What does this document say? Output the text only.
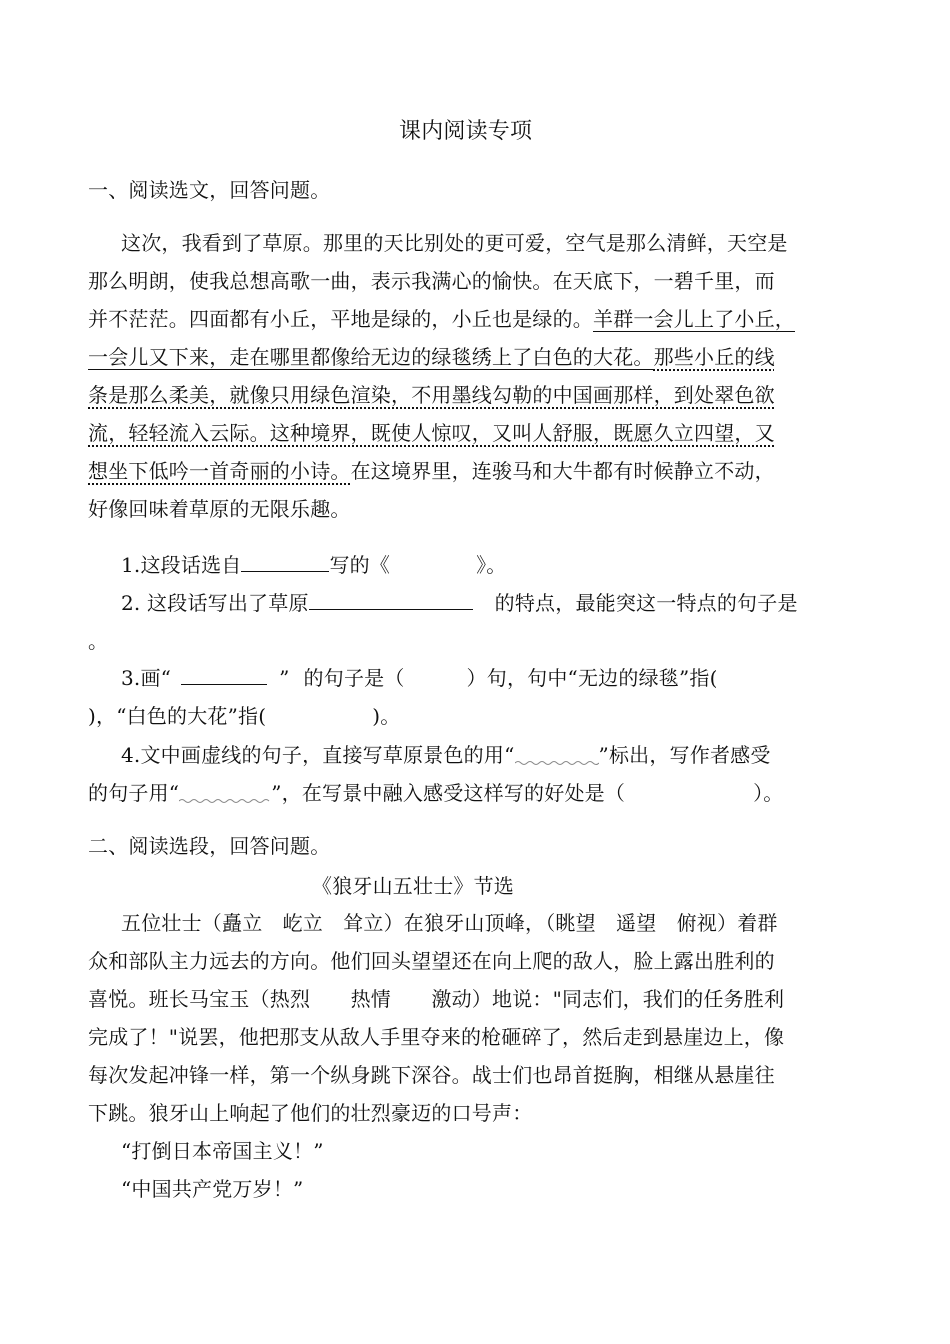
课内阅读专项
一、阅读选文，回答问题。
这次，我看到了草原。那里的天比别处的更可爱，空气是那么清鲜，天空是
那么明朗，使我总想高歌一曲，表示我满心的愉快。在天底下，一碧千里，而
并不茫茫。四面都有小丘，平地是绿的，小丘也是绿的。羊群一会儿上了小丘，
一会儿又下来，走在哪里都像给无边的绿毯绣上了白色的大花。那些小丘的线
条是那么柔美，就像只用绿色渲染，不用墨线勾勒的中国画那样，到处翠色欲
流，轻轻流入云际。这种境界，既使人惊叹，又叫人舒服，既愿久立四望，又
想坐下低吟一首奇丽的小诗。在这境界里，连骏马和大牛都有时候静立不动，
好像回味着草原的无限乐趣。
1.这段话选自	写的《	》。
2. 这段话写出了草原	的特点，最能突这一特点的句子是
。
3.画“	” 的句子是（	）句，句中“无边的绿毯”指(
)，“白色的大花”指(	)。
4.文中画虚线的句子，直接写草原景色的用“	”标出，写作者感受
的句子用“	”，在写景中融入感受这样写的好处是（	）。
二、阅读选段，回答问题。
《狼牙山五壮士》节选
五位壮士（矗立　屹立　耸立）在狼牙山顶峰，（眺望　遥望　俯视）着群
众和部队主力远去的方向。他们回头望望还在向上爬的敌人，脸上露出胜利的
喜悦。班长马宝玉（热烈　　热情　　激动）地说："同志们，我们的任务胜利
完成了！"说罢，他把那支从敌人手里夺来的枪砸碎了，然后走到悬崖边上，像
每次发起冲锋一样，第一个纵身跳下深谷。战士们也昂首挺胸，相继从悬崖往
下跳。狼牙山上响起了他们的壮烈豪迈的口号声：
“打倒日本帝国主义！”
“中国共产党万岁！”
